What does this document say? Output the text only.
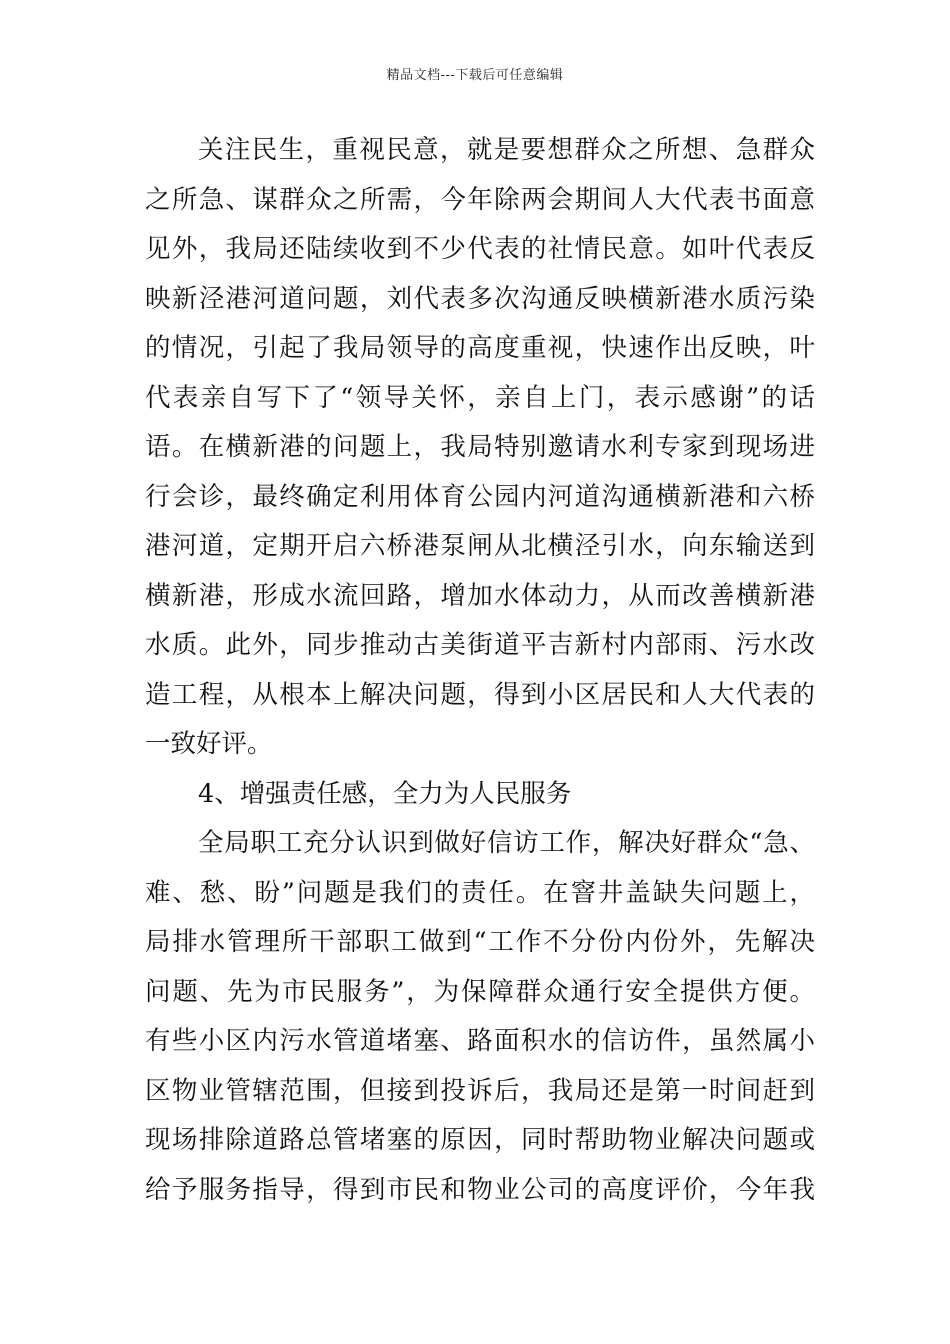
精品文档---下载后可任意编辑
关注民生，重视民意，就是要想群众之所想、急群众
之所急、谋群众之所需，今年除两会期间人大代表书面意
见外，我局还陆续收到不少代表的社情民意。如叶代表反
映新泾港河道问题，刘代表多次沟通反映横新港水质污染
的情况，引起了我局领导的高度重视，快速作出反映，叶
代表亲自写下了“领导关怀，亲自上门，表示感谢”的话
语。在横新港的问题上，我局特别邀请水利专家到现场进
行会诊，最终确定利用体育公园内河道沟通横新港和六桥
港河道，定期开启六桥港泵闸从北横泾引水，向东输送到
横新港，形成水流回路，增加水体动力，从而改善横新港
水质。此外，同步推动古美街道平吉新村内部雨、污水改
造工程，从根本上解决问题，得到小区居民和人大代表的
一致好评。
4、增强责任感，全力为人民服务
全局职工充分认识到做好信访工作，解决好群众“急、
难、愁、盼”问题是我们的责任。在窨井盖缺失问题上，
局排水管理所干部职工做到“工作不分份内份外，先解决
问题、先为市民服务”，为保障群众通行安全提供方便。
有些小区内污水管道堵塞、路面积水的信访件，虽然属小
区物业管辖范围，但接到投诉后，我局还是第一时间赶到
现场排除道路总管堵塞的原因，同时帮助物业解决问题或
给予服务指导，得到市民和物业公司的高度评价，今年我
